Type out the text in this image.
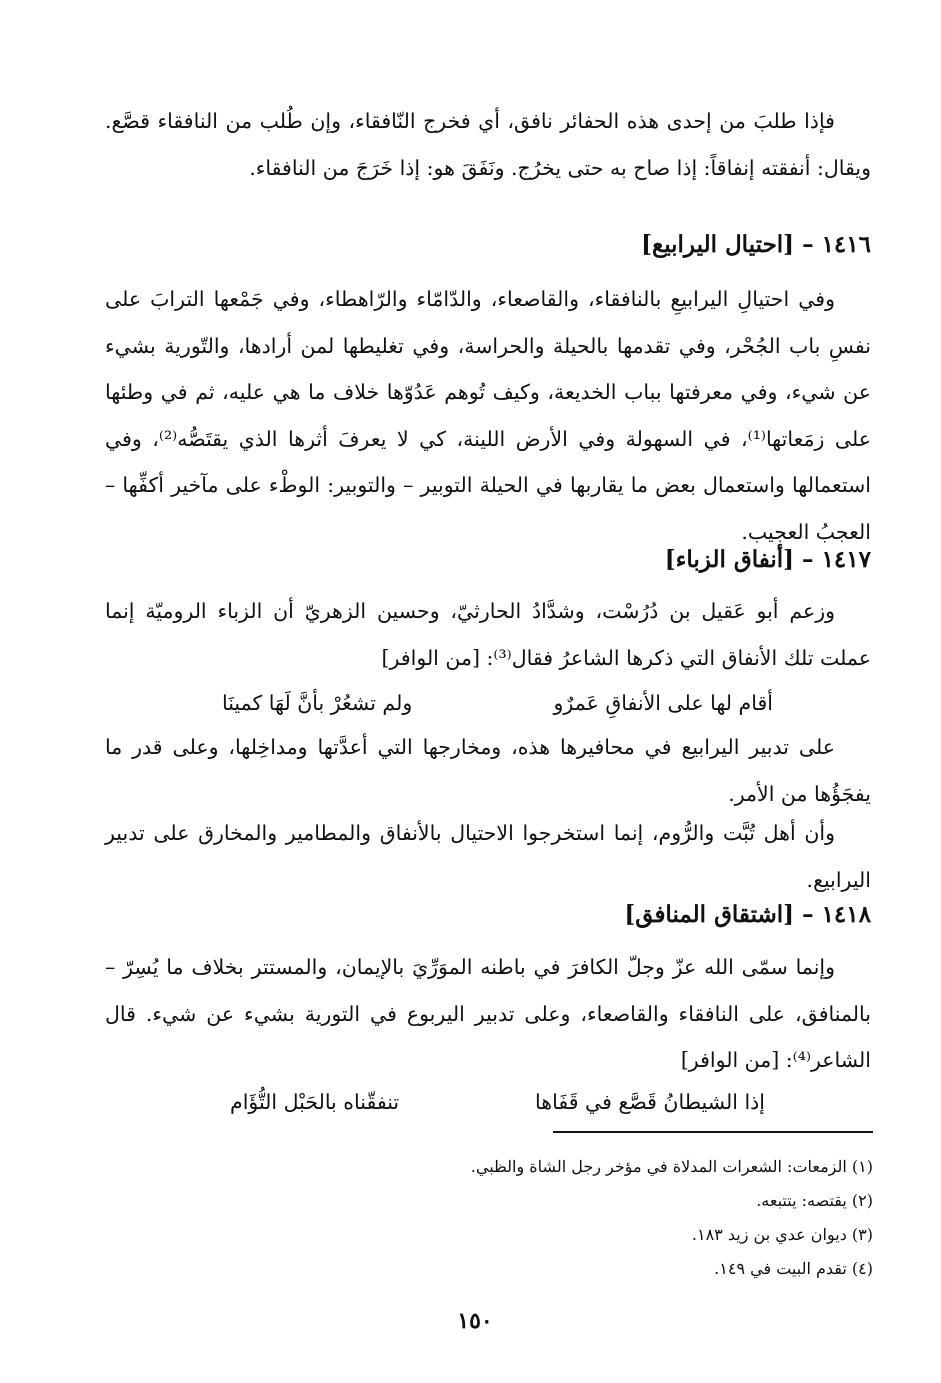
فإذا طلبَ من إحدى هذه الحفائر نافق، أي فخرج النّافقاء، وإن طُلب من النافقاء قصَّع. ويقال: أنفقته إنفاقاً: إذا صاح به حتى يخرُج. ونَفَقَ هو: إذا خَرَجَ من النافقاء.

١٤١٦ – [احتيال اليرابيع]

وفي احتيالِ اليرابيعِ بالنافقاء، والقاصعاء، والدّامّاء والرّاهطاء، وفي جَمْعها الترابَ على نفسِ باب الجُحْر، وفي تقدمها بالحيلة والحراسة، وفي تغليطها لمن أرادها، والتّورية بشيء عن شيء، وفي معرفتها بباب الخديعة، وكيف تُوهم عَدُوّها خلاف ما هي عليه، ثم في وطئها على زمَعاتها⁽¹⁾، في السهولة وفي الأرض اللينة، كي لا يعرفَ أثرها الذي يقتَصُّه⁽²⁾، وفي استعمالها واستعمال بعض ما يقاربها في الحيلة التوبير – والتوبير: الوطْء على مآخير أكفِّها – العجبُ العجيب.

١٤١٧ – [أنفاق الزباء]

وزعم أبو عَقيل بن دُرُسْت، وشدَّادُ الحارثيّ، وحسين الزهريّ أن الزباء الروميّة إنما عملت تلك الأنفاق التي ذكرها الشاعرُ فقال⁽³⁾: [من الوافر]

أقام لها على الأنفاقِ عَمرٌو
ولم تشعُرْ بأنَّ لَهَا كمينَا

على تدبير اليرابيع في محافيرها هذه، ومخارجها التي أعدَّتها ومداخِلها، وعلى قدر ما يفجَؤُها من الأمر.

وأن أهل تُبَّت والرُّوم، إنما استخرجوا الاحتيال بالأنفاق والمطامير والمخارق على تدبير اليرابيع.

١٤١٨ – [اشتقاق المنافق]

وإنما سمّى الله عزّ وجلّ الكافرَ في باطنه الموَرِّيَ بالإيمان، والمستتر بخلاف ما يُسِرّ – بالمنافق، على النافقاء والقاصعاء، وعلى تدبير اليربوع في التورية بشيء عن شيء. قال الشاعر⁽⁴⁾: [من الوافر]

إذا الشيطانُ قَصَّع في قَفَاها
تنفقّناه بالحَبْل التُّؤَام

(١) الزمعات: الشعرات المدلاة في مؤخر رجل الشاة والظبي.

(٢) يقتصه: يتتبعه.

(٣) ديوان عدي بن زيد ١٨٣.

(٤) تقدم البيت في ١٤٩.

١٥٠
